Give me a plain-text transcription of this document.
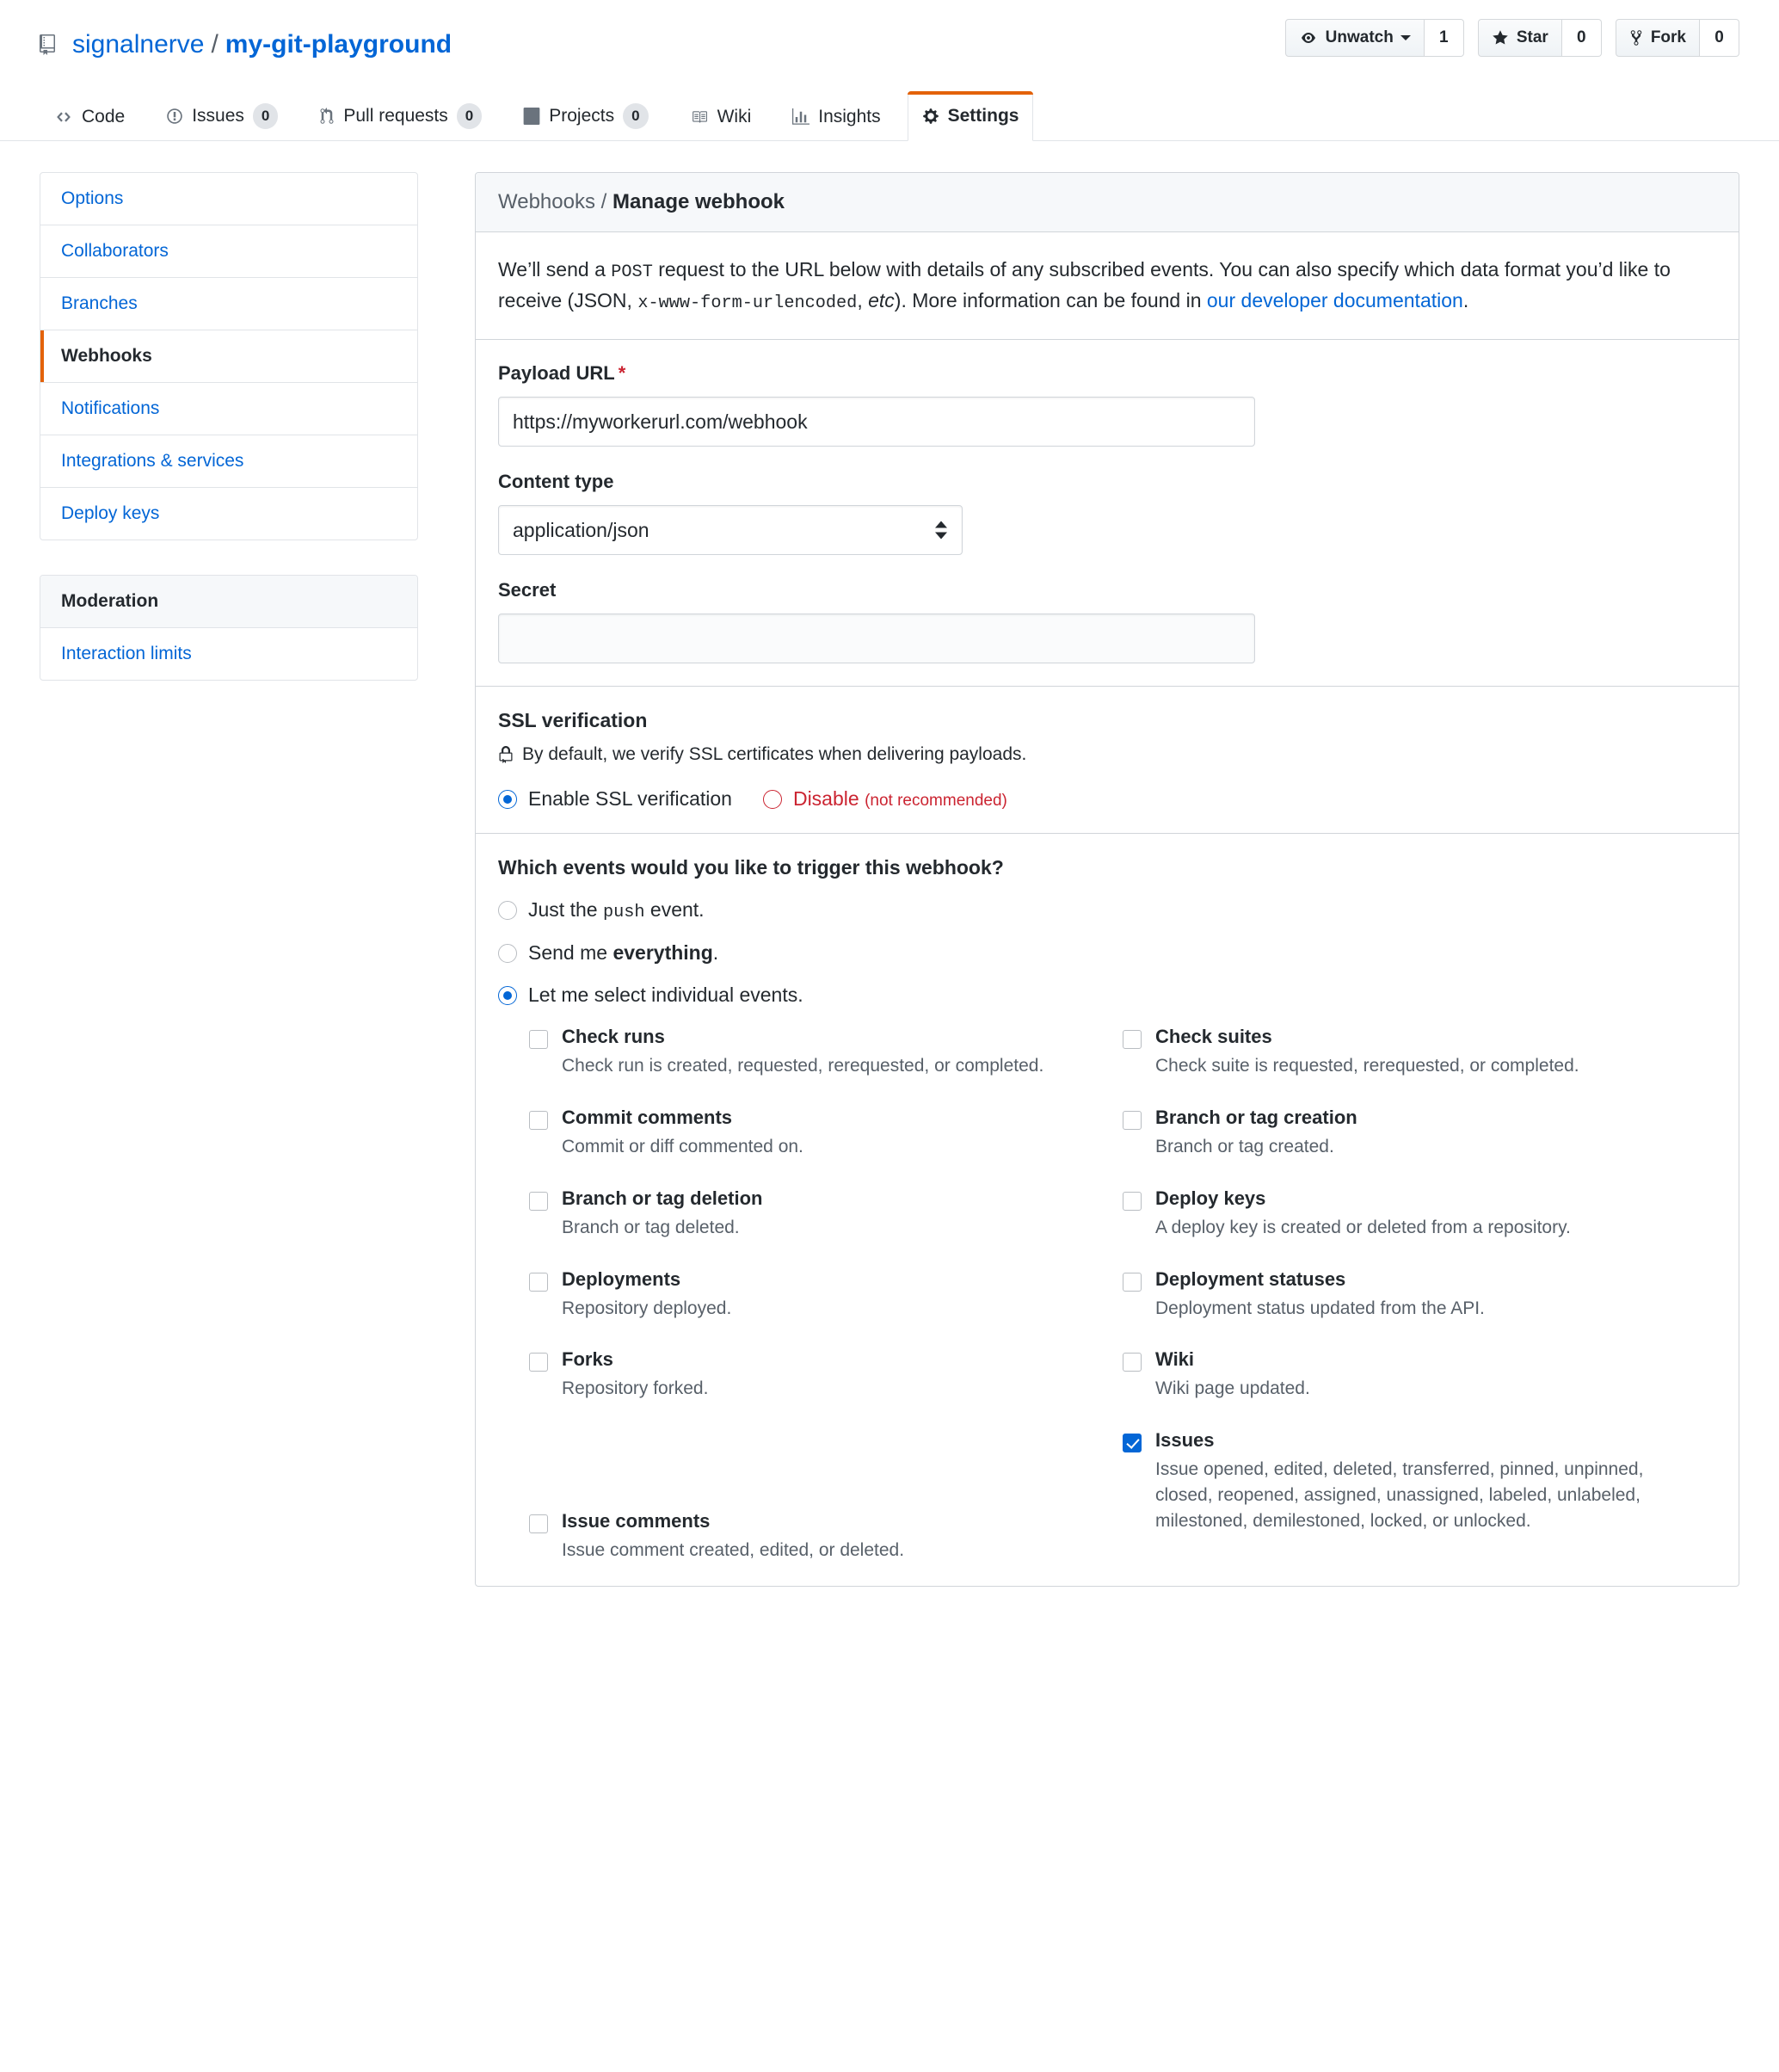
signalnerve / my-git-playground	Unwatch	1	Star	0	Fork	0
Code	Issues	0	Pull requests	0	Projects	0	Wiki	Insights	Settings
Options
Collaborators
Branches
Webhooks
Notifications
Integrations & services
Deploy keys
Moderation
Interaction limits
Webhooks / Manage webhook
We’ll send a POST request to the URL below with details of any subscribed events. You can also specify which data format you’d like to receive (JSON, x-www-form-urlencoded, etc). More information can be found in our developer documentation.
Payload URL *
https://myworkerurl.com/webhook
Content type
application/json
Secret
SSL verification
By default, we verify SSL certificates when delivering payloads.
Enable SSL verification	Disable (not recommended)
Which events would you like to trigger this webhook?
Just the push event.
Send me everything.
Let me select individual events.
Check runs
Check run is created, requested, rerequested, or completed.
Commit comments
Commit or diff commented on.
Branch or tag deletion
Branch or tag deleted.
Deployments
Repository deployed.
Forks
Repository forked.
Issue comments
Issue comment created, edited, or deleted.
Check suites
Check suite is requested, rerequested, or completed.
Branch or tag creation
Branch or tag created.
Deploy keys
A deploy key is created or deleted from a repository.
Deployment statuses
Deployment status updated from the API.
Wiki
Wiki page updated.
Issues
Issue opened, edited, deleted, transferred, pinned, unpinned, closed, reopened, assigned, unassigned, labeled, unlabeled, milestoned, demilestoned, locked, or unlocked.
